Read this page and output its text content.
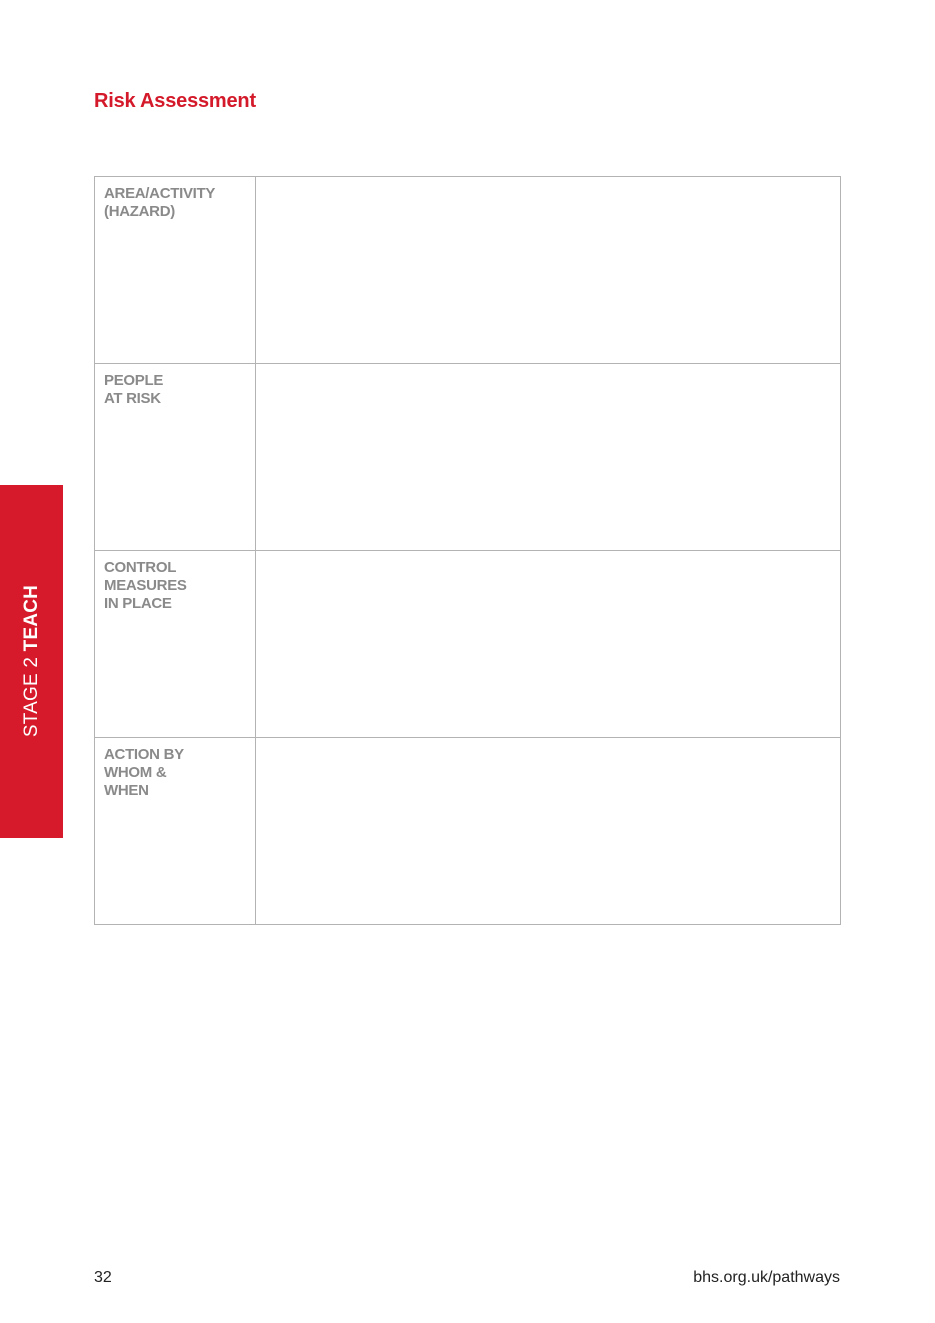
Risk Assessment
AREA/ACTIVITY
(HAZARD)	

PEOPLE
AT RISK	

CONTROL
MEASURES
IN PLACE	

ACTION BY
WHOM &
WHEN	

STAGE 2 TEACH
32	bhs.org.uk/pathways
